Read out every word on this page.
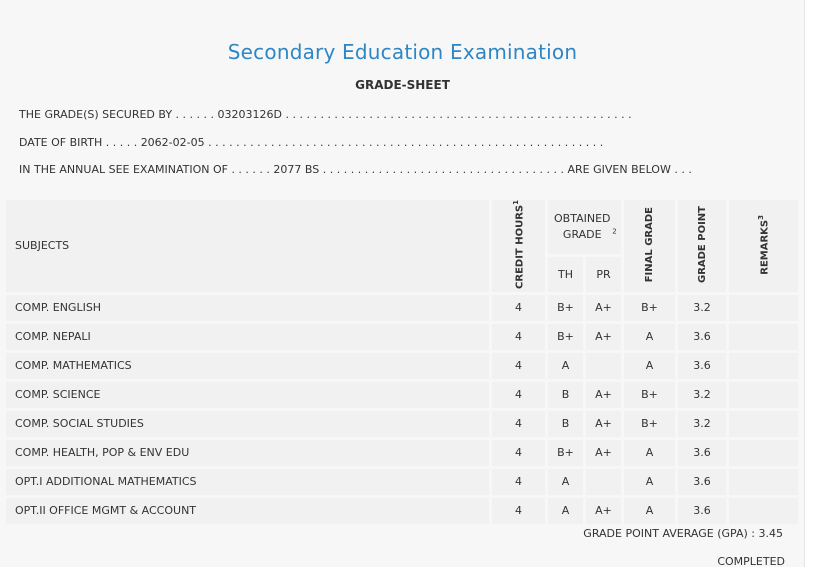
Secondary Education Examination
GRADE-SHEET
THE GRADE(S) SECURED BY . . . . . . 03203126D . . . . . . . . . . . . . . . . . . . . . . . . . . . . . . . . . . . . . . . . . . . . . . . . . .
DATE OF BIRTH . . . . . 2062-02-05 . . . . . . . . . . . . . . . . . . . . . . . . . . . . . . . . . . . . . . . . . . . . . . . . . . . . . . . . .
IN THE ANNUAL SEE EXAMINATION OF . . . . . . 2077 BS . . . . . . . . . . . . . . . . . . . . . . . . . . . . . . . . . . . ARE GIVEN BELOW . . .
SUBJECTS	CREDIT HOURS$^1$	OBTAINED GRADE $^2$		FINAL GRADE	GRADE POINT	REMARKS$^3$
		TH	PR			
COMP. ENGLISH	4	B+	A+	B+	3.2	
COMP. NEPALI	4	B+	A+	A	3.6	
COMP. MATHEMATICS	4	A		A	3.6	
COMP. SCIENCE	4	B	A+	B+	3.2	
COMP. SOCIAL STUDIES	4	B	A+	B+	3.2	
COMP. HEALTH, POP & ENV EDU	4	B+	A+	A	3.6	
OPT.I ADDITIONAL MATHEMATICS	4	A		A	3.6	
OPT.II OFFICE MGMT & ACCOUNT	4	A	A+	A	3.6	
GRADE POINT AVERAGE (GPA) : 3.45
COMPLETED
